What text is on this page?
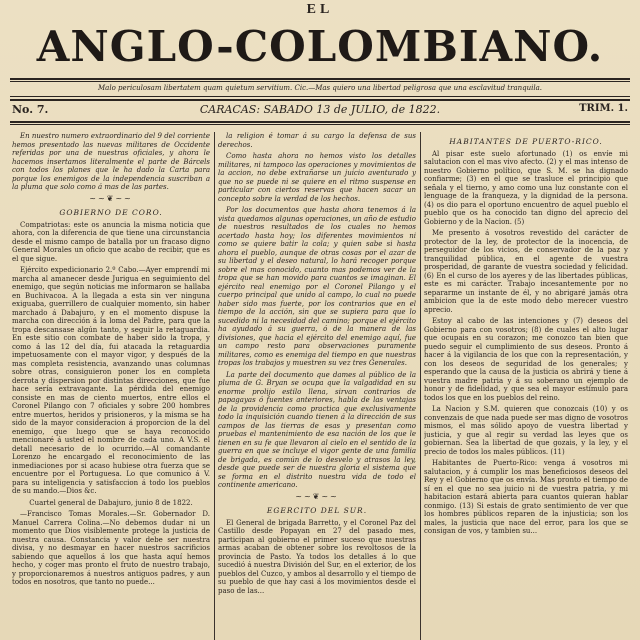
EL
ANGLO-COLOMBIANO.
Malo periculosam libertatem quam quietum servitium. Cic.—Mas quiero una libertad peligrosa que una esclavitud tranquila.
No. 7.	CARACAS: SABADO 13 de JULIO, de 1822.	TRIM. 1.

En nuestro numero extraordinario del 9 del corriente hemos presentado las nuevas militares de Occidente referidas por una de nuestras oficiales, y ahora le hacemos insertamos literalmente el parte de Bárcels con todos los planes que le ha dado la Carta para porque los enemigos de la independencia suscriban a la pluma que solo como á mas de las partes.

~~❦~~
GOBIERNO DE CORO.

Compatriotas: este os anuncia la misma noticia que ahora, con la diferencia de que tiene una circunstancia desde el mismo campo de batalla por un fracaso digno General Morales un oficio que acabo de recibir, que es el que sigue.

Ejército expedicionario 2.º Cabo.—Ayer emprendí mi marcha al amanecer desde Jurigua en seguimiento del enemigo, que según noticias me informaron se hallaba en Buchivacoa. A la llegada a esta sin ver ninguna exiguaba, guerrillero de cualquier momento, sin haber marchado á Dabajuro, y en el momento dispuse la marcha con dirección á la loma del Padre, para que la tropa descansase algún tanto, y seguir la retaguardia. En este sitio con combate de haber sido la tropa, y como á las 12 del día, fui atacada la retaguardia impetuosamente con el mayor vigor, y después de la mas completa resistencia, avanzando unas columnas sobre otras, consiguieron poner los en completa derrota y dispersion por distintas direcciones, que fue hace sería extravagante. La pérdida del enemigo consiste en mas de ciento muertos, entre ellos el Coronel Pilango con 7 oficiales y sobre 200 hombres entre muertos, heridos y prisioneros, y la misma se ha sido de la mayor consideracion á proporcion de la del enemigo, que luego que se haya reconocido mencionaré á usted el nombre de cada uno. A V.S. el detall necesario de lo ocurrido.—Al comandante Lorenzo he encargado el reconocimiento de las inmediaciones por si acaso hubiese otra fuerza que se encuentre por el Portuguesa. Lo que comunico á V. para su inteligencia y satisfaccion á todo los pueblos de su mando.—Dios &c.

Cuartel general de Dabajuro, junio 8 de 1822.

—Francisco Tomas Morales.—Sr. Gobernador D. Manuel Carrera Colina.—No debemos dudar ni un momento que Dios visiblemente protege la justicia de nuestra causa. Constancia y valor debe ser nuestra divisa, y no desmayar en hacer nuestros sacrificios sabiendo que aquellos á los que hasta aquí hemos hecho, y coger mas pronto el fruto de nuestro trabajo, y proporcionaremos á nuestros antiguos padres, y aun todos en nosotros, que tanto no puede...

la religion é tomar á su cargo la defensa de sus derechos.

Como hasta ahora no hemos visto los detalles militares, ni tampoco las operaciones y movimientos de la accion, no debe extrañarse un juicio aventurado y que no se puede ni se quiere en el ritmo suspense en particular con ciertos reservas que hacen sacar un concepto sobre la verdad de los hechos.

Por los documentos que hasta ahora tenemos á la vista quedamos algunas operaciones, un año de estudio de nuestros resultados de los cuales no hemos acertado hasta hoy; los diferentes movimientos ni como se quiere batir la cola; y quien sabe si hasta ahora el pueblo, aunque de otras cosas por el azar de su libertad y el deseo natural, lo hará recoger porque sobre el mas conocido, cuanto mas podemos ver de la tropa que se han movido para cuantos se imaginan. El ejército real enemigo por el Coronel Pilango y el cuerpo principal que unido al campo, lo cual no puede haber sido mas fuerte, por los contrarios que en el tiempo de la acción, sin que se supiera para que lo sucedido ni la necesidad del camino; porque el ejército ha ayudado á su guerra, ó de la manera de las divisiones, que hacia el ejército del enemigo aquí, fue un campo resto para observaciones puramente militares, como es enemiga del tiempo en que nuestras tropas los trabajos y muestren su vez tres Generales.

La parte del documento que dames al público de la pluma de G. Bryan se ocupa que la valgadidad en su enorme prolijo estilo llena, sirvan contrarios de papagayas ó fuentes anteriores, habla de las ventajas de la providencia como practica que exclusivamente todo la inquisición cuando tienen á la dirección de sus campos de las tierras de esas y presentan como pruebas el mantenimiento de esa nación de los que le tienen en su fe que llevaron al cielo en el sentido de la guerra en que se incluye el vigor gente de una familia de brigada, es común de lo desvelo y atrasos la ley, desde que puede ser de nuestra gloria el sistema que se forma en el distrito nuestra vida de todo el continente americano.

~~❦~~
EGERCITO DEL SUR.

El General de brigada Barretto, y el Coronel Paz del Castillo desde Popayan en 27 del pasado mes, participan al gobierno el primer suceso que nuestras armas acaban de obtener sobre los revoltosos de la provincia de Pasto. Ya todos los detalles á lo que sucedió á nuestra División del Sur, en el exterior, de los pueblos del Cuzco, y ambos al desarrollo y el tiempo de su pueblo de que hay casi á los movimientos desde el paso de las...

HABITANTES DE PUERTO-RICO.

Al pisar este suelo afortunado (1) os envíe mi salutacion con el mas vivo afecto. (2) y el mas intenso de nuestro Gobierno político, que S. M. se ha dignado confiarme; (3) en el que se trasluce el principio que señala y el tierno, y amo como una luz constante con el lenguage de la franqueza, y la dignidad de la persona. (4) os dio para el oportuno encuentro de aquel pueblo el pueblo que os ha conocido tan digno del aprecio del Gobierno y de la Nacion. (5)

Me presento á vosotros revestido del carácter de protector de la ley, de protector de la inocencia, de perseguidor de los vicios, de conservador de la paz y tranquilidad pública, en el agente de vuestra prosperidad, de garante de vuestra sociedad y felicidad. (6) En el curso de los ayeres y de las libertades públicas, este es mi carácter. Trabajo incesantemente por no separarme un instante de él, y no abrigaré jamás otra ambicion que la de este modo debo merecer vuestro aprecio.

Estoy al cabo de las intenciones y (7) deseos del Gobierno para con vosotros; (8) de cuales el alto lugar que ocupais en su corazon; me conozco tan bien que puedo seguir el cumplimiento de sus deseos. Pronto á hacer á la vigilancia de los que con la representación, y con los deseos de seguridad de los generales; y esperando que la causa de la justicia os abrirá y tiene á vuestra madre patria y á su soberano un ejemplo de honor y de fidelidad, y que sea el mayor estímulo para todos los que en los pueblos del reino.

La Nacion y S.M. quieren que conozcais (10) y os convenzais de que nada puede ser mas digno de vosotros mismos, el mas sólido apoyo de vuestra libertad y justicia, y que al regir su verdad las leyes que os gobiernan. Sea la libertad de que gozais, y la ley, y el precio de todos los males públicos. (11)

Habitantes de Puerto-Rico: venga á vosotros mi salutacion, y á cumplir los mas beneficiosos deseos del Rey y el Gobierno que os envía. Mas pronto el tiempo de sí en el que no sea juicio ni de vuestra patria, y mi habitacion estará abierta para cuantos quieran hablar conmigo. (13) Si estais de grato sentimiento de ver que los hombres públicos reparen de la injusticia; son los males, la justicia que nace del error, para los que se consigan de vos, y tambien su...
